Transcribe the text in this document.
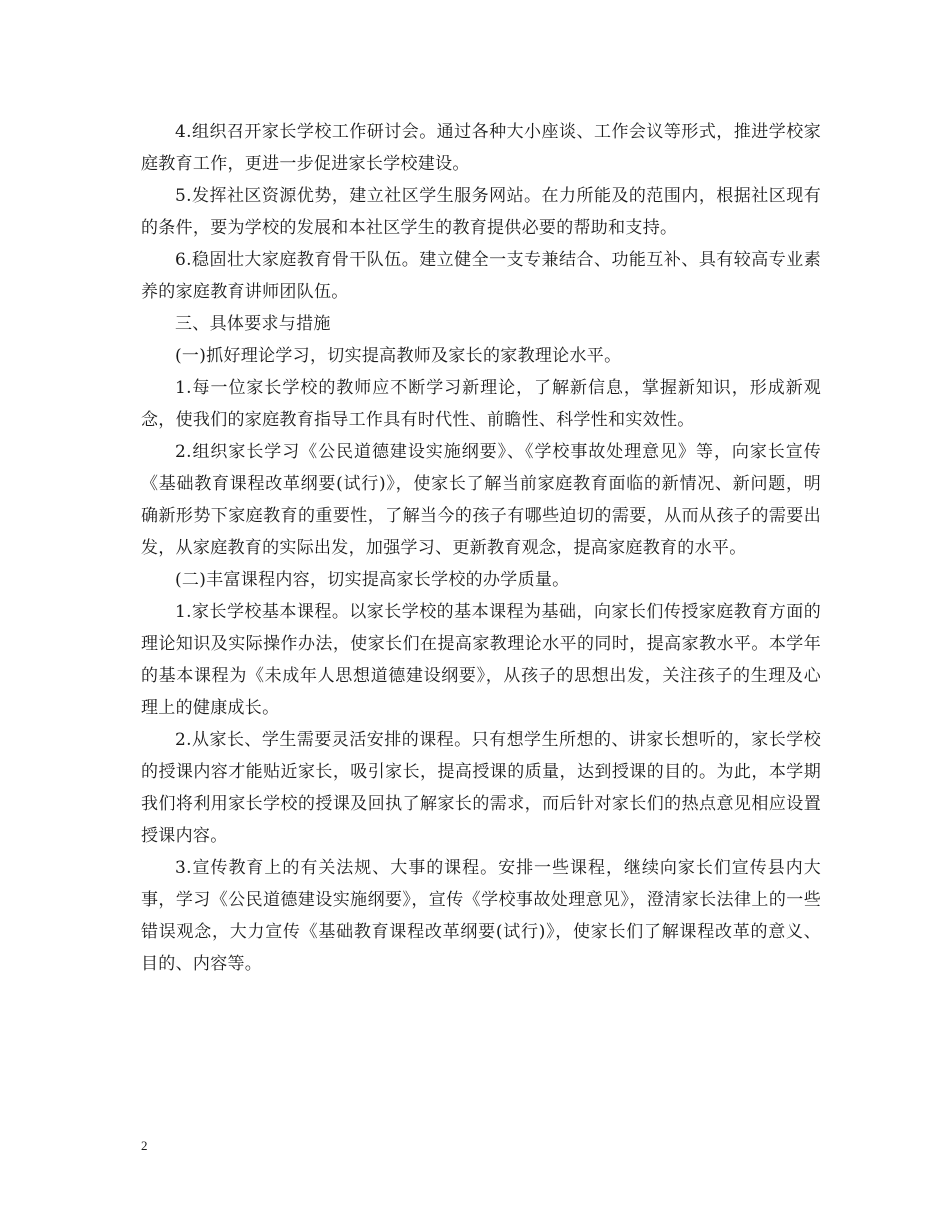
4.组织召开家长学校工作研讨会。通过各种大小座谈、工作会议等形式，推进学校家庭教育工作，更进一步促进家长学校建设。

5.发挥社区资源优势，建立社区学生服务网站。在力所能及的范围内，根据社区现有的条件，要为学校的发展和本社区学生的教育提供必要的帮助和支持。

6.稳固壮大家庭教育骨干队伍。建立健全一支专兼结合、功能互补、具有较高专业素养的家庭教育讲师团队伍。

三、具体要求与措施

(一)抓好理论学习，切实提高教师及家长的家教理论水平。

1.每一位家长学校的教师应不断学习新理论，了解新信息，掌握新知识，形成新观念，使我们的家庭教育指导工作具有时代性、前瞻性、科学性和实效性。

2.组织家长学习《公民道德建设实施纲要》、《学校事故处理意见》等，向家长宣传《基础教育课程改革纲要(试行)》，使家长了解当前家庭教育面临的新情况、新问题，明确新形势下家庭教育的重要性，了解当今的孩子有哪些迫切的需要，从而从孩子的需要出发，从家庭教育的实际出发，加强学习、更新教育观念，提高家庭教育的水平。

(二)丰富课程内容，切实提高家长学校的办学质量。

1.家长学校基本课程。以家长学校的基本课程为基础，向家长们传授家庭教育方面的理论知识及实际操作办法，使家长们在提高家教理论水平的同时，提高家教水平。本学年的基本课程为《未成年人思想道德建设纲要》，从孩子的思想出发，关注孩子的生理及心理上的健康成长。

2.从家长、学生需要灵活安排的课程。只有想学生所想的、讲家长想听的，家长学校的授课内容才能贴近家长，吸引家长，提高授课的质量，达到授课的目的。为此，本学期我们将利用家长学校的授课及回执了解家长的需求，而后针对家长们的热点意见相应设置授课内容。

3.宣传教育上的有关法规、大事的课程。安排一些课程，继续向家长们宣传县内大事，学习《公民道德建设实施纲要》，宣传《学校事故处理意见》，澄清家长法律上的一些错误观念，大力宣传《基础教育课程改革纲要(试行)》，使家长们了解课程改革的意义、目的、内容等。

2
